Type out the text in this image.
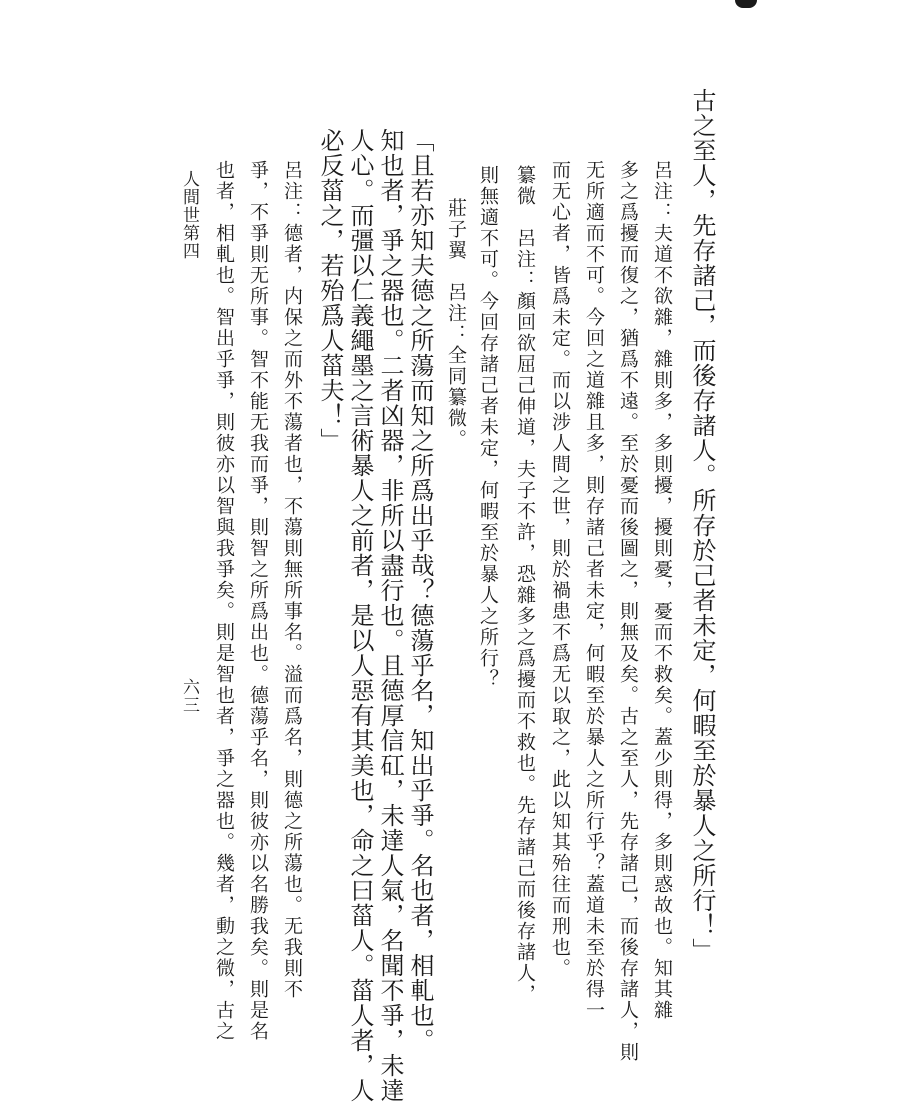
古之至人，先存諸己，而後存諸人。所存於己者未定，何暇至於暴人之所行！」
呂注：夫道不欲雜，雜則多，多則擾，擾則憂，憂而不救矣。蓋少則得，多則惑故也。知其雜
多之爲擾而復之，猶爲不遠。至於憂而後圖之，則無及矣。古之至人，先存諸己，而後存諸人，則
无所適而不可。今回之道雜且多，則存諸己者未定，何暇至於暴人之所行乎？蓋道未至於得一
而无心者，皆爲未定。而以涉人間之世，則於禍患不爲无以取之，此以知其殆往而刑也。
纂微　呂注：顏回欲屈己伸道，夫子不許，恐雜多之爲擾而不救也。先存諸己而後存諸人，
則無適不可。今回存諸己者未定，何暇至於暴人之所行？
莊子翼　呂注：全同纂微。
「且若亦知夫德之所蕩而知之所爲出乎哉？德蕩乎名，知出乎爭。名也者，相軋也。
知也者，爭之器也。二者凶器，非所以盡行也。且德厚信矼，未達人氣，名聞不爭，未達
人心。而彊以仁義繩墨之言術暴人之前者，是以人惡有其美也，命之曰菑人。菑人者，人
必反菑之，若殆爲人菑夫！」
呂注：德者，内保之而外不蕩者也，不蕩則無所事名。溢而爲名，則德之所蕩也。无我則不
爭，不爭則无所事。智不能无我而爭，則智之所爲出也。德蕩乎名，則彼亦以名勝我矣。則是名
也者，相軋也。智出乎爭，則彼亦以智與我爭矣。則是智也者，爭之器也。幾者，動之微，古之
人間世第四
六三
